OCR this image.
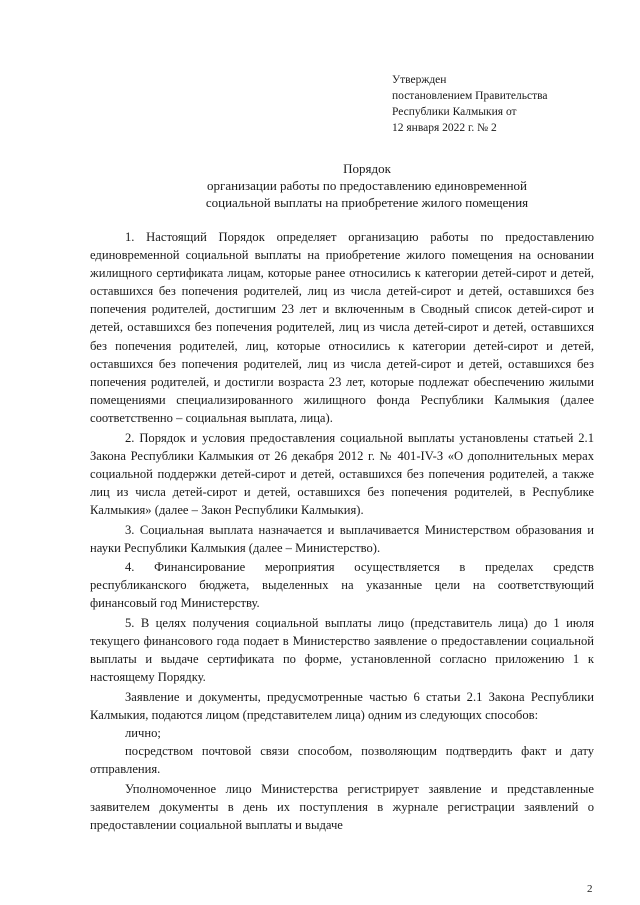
Утвержден
постановлением Правительства
Республики Калмыкия от
12 января 2022 г. № 2
Порядок
организации работы по предоставлению единовременной
социальной выплаты на приобретение жилого помещения

1. Настоящий Порядок определяет организацию работы по предоставлению единовременной социальной выплаты на приобретение жилого помещения на основании жилищного сертификата лицам, которые ранее относились к категории детей-сирот и детей, оставшихся без попечения родителей, лиц из числа детей-сирот и детей, оставшихся без попечения родителей, достигшим 23 лет и включенным в Сводный список детей-сирот и детей, оставшихся без попечения родителей, лиц из числа детей-сирот и детей, оставшихся без попечения родителей, лиц, которые относились к категории детей-сирот и детей, оставшихся без попечения родителей, лиц из числа детей-сирот и детей, оставшихся без попечения родителей, и достигли возраста 23 лет, которые подлежат обеспечению жилыми помещениями специализированного жилищного фонда Республики Калмыкия (далее соответственно – социальная выплата, лица).

2. Порядок и условия предоставления социальной выплаты установлены статьей 2.1 Закона Республики Калмыкия от 26 декабря 2012 г. № 401-IV-З «О дополнительных мерах социальной поддержки детей-сирот и детей, оставшихся без попечения родителей, а также лиц из числа детей-сирот и детей, оставшихся без попечения родителей, в Республике Калмыкия» (далее – Закон Республики Калмыкия).

3. Социальная выплата назначается и выплачивается Министерством образования и науки Республики Калмыкия (далее – Министерство).

4. Финансирование мероприятия осуществляется в пределах средств республиканского бюджета, выделенных на указанные цели на соответствующий финансовый год Министерству.

5. В целях получения социальной выплаты лицо (представитель лица) до 1 июля текущего финансового года подает в Министерство заявление о предоставлении социальной выплаты и выдаче сертификата по форме, установленной согласно приложению 1 к настоящему Порядку.

Заявление и документы, предусмотренные частью 6 статьи 2.1 Закона Республики Калмыкия, подаются лицом (представителем лица) одним из следующих способов:

лично;

посредством почтовой связи способом, позволяющим подтвердить факт и дату отправления.

Уполномоченное лицо Министерства регистрирует заявление и представленные заявителем документы в день их поступления в журнале регистрации заявлений о предоставлении социальной выплаты и выдаче

2
